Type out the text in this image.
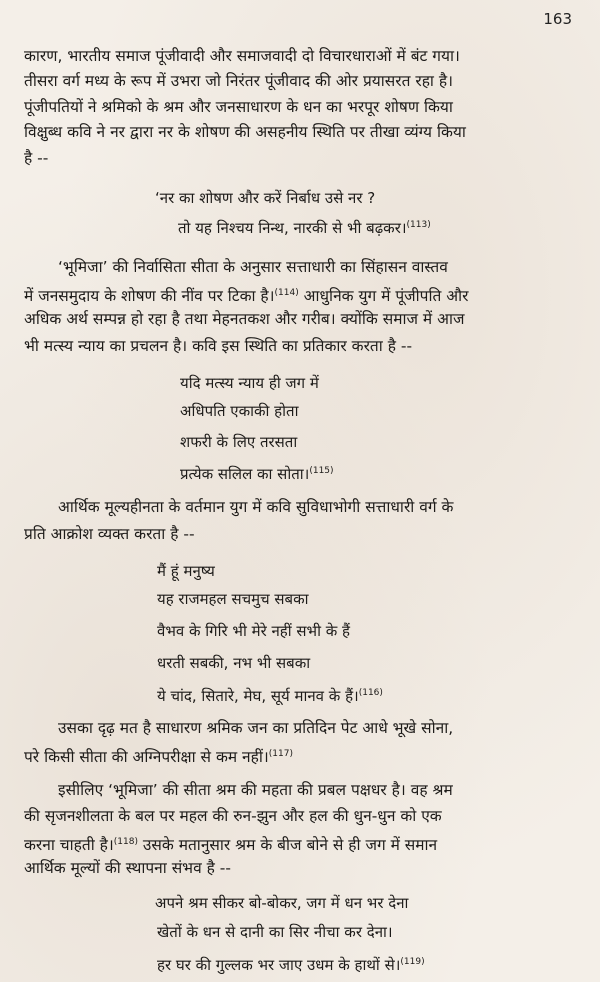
163
कारण, भारतीय समाज पूंजीवादी और समाजवादी दो विचारधाराओं में बंट गया।
तीसरा वर्ग मध्य के रूप में उभरा जो निरंतर पूंजीवाद की ओर प्रयासरत रहा है।
पूंजीपतियों ने श्रमिको के श्रम और जनसाधारण के धन का भरपूर शोषण किया
विक्षुब्ध कवि ने नर द्वारा नर के शोषण की असहनीय स्थिति पर तीखा व्यंग्य किया
है --
‘नर का शोषण और करें निर्बाध उसे नर ?
तो यह निश्चय निन्थ, नारकी से भी बढ़कर।$^{(113)}$
‘भूमिजा’ की निर्वासिता सीता के अनुसार सत्ताधारी का सिंहासन वास्तव
में जनसमुदाय के शोषण की नींव पर टिका है।$^{(114)}$ आधुनिक युग में पूंजीपति और
अधिक अर्थ सम्पन्न हो रहा है तथा मेहनतकश और गरीब। क्योंकि समाज में आज
भी मत्स्य न्याय का प्रचलन है। कवि इस स्थिति का प्रतिकार करता है --
यदि मत्स्य न्याय ही जग में
अधिपति एकाकी होता
शफरी के लिए तरसता
प्रत्येक सलिल का सोता।$^{(115)}$
आर्थिक मूल्यहीनता के वर्तमान युग में कवि सुविधाभोगी सत्ताधारी वर्ग के
प्रति आक्रोश व्यक्त करता है --
मैं हूं मनुष्य
यह राजमहल सचमुच सबका
वैभव के गिरि भी मेरे नहीं सभी के हैं
धरती सबकी, नभ भी सबका
ये चांद, सितारे, मेघ, सूर्य मानव के हैं।$^{(116)}$
उसका दृढ़ मत है साधारण श्रमिक जन का प्रतिदिन पेट आधे भूखे सोना,
परे किसी सीता की अग्निपरीक्षा से कम नहीं।$^{(117)}$
इसीलिए ‘भूमिजा’ की सीता श्रम की महता की प्रबल पक्षधर है। वह श्रम
की सृजनशीलता के बल पर महल की रुन-झुन और हल की धुन-धुन को एक
करना चाहती है।$^{(118)}$ उसके मतानुसार श्रम के बीज बोने से ही जग में समान
आर्थिक मूल्यों की स्थापना संभव है --
अपने श्रम सीकर बो-बोकर, जग में धन भर देना
खेतों के धन से दानी का सिर नीचा कर देना।
हर घर की गुल्लक भर जाए उधम के हाथों से।$^{(119)}$
